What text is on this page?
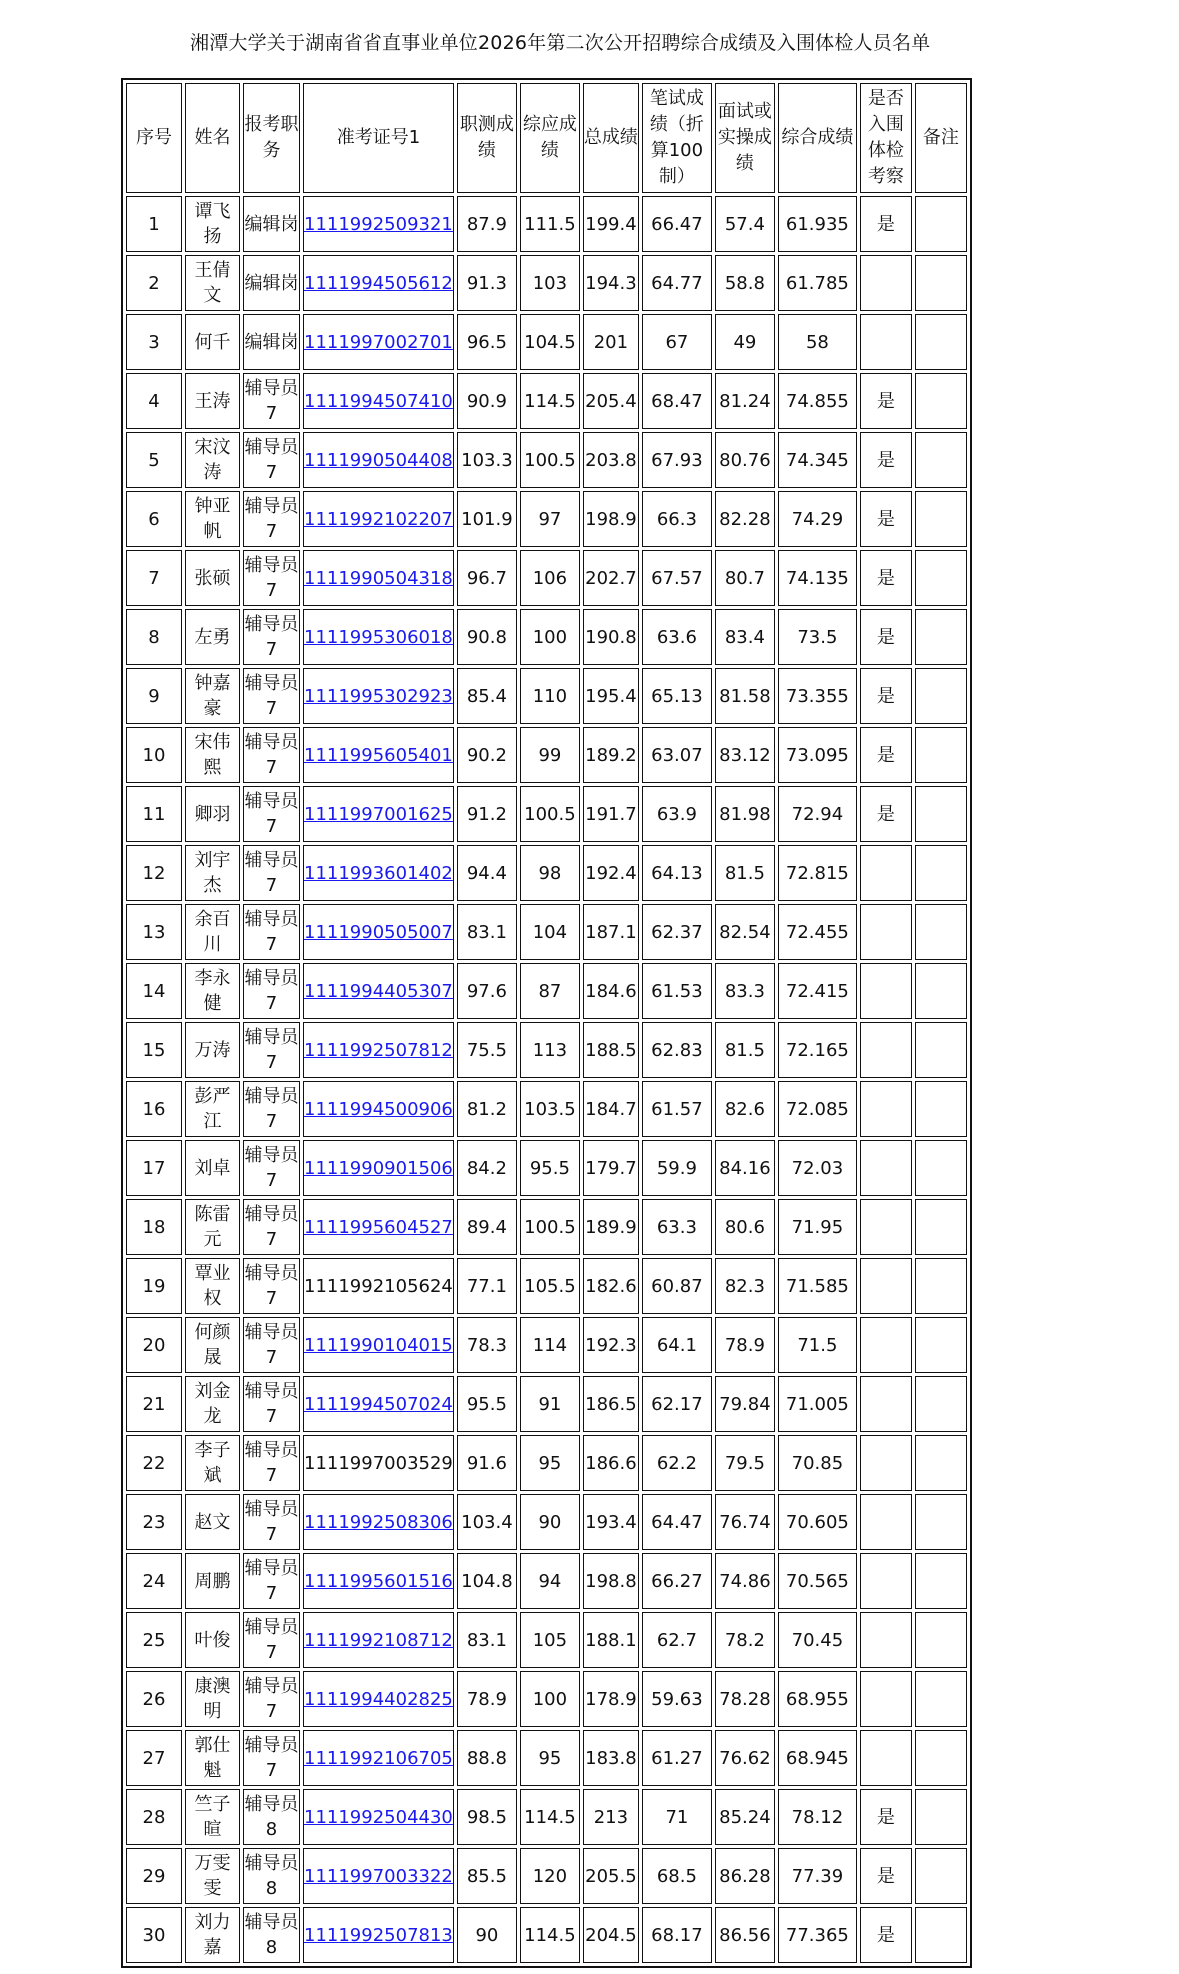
湘潭大学关于湖南省省直事业单位2026年第二次公开招聘综合成绩及入围体检人员名单
序号	姓名	报考职务	准考证号1	职测成绩	综应成绩	总成绩	笔试成绩（折算100制）	面试或实操成绩	综合成绩	是否入围体检考察	备注
1	谭飞扬	编辑岗	1111992509321	87.9	111.5	199.4	66.47	57.4	61.935	是	
2	王倩文	编辑岗	1111994505612	91.3	103	194.3	64.77	58.8	61.785		
3	何千	编辑岗	1111997002701	96.5	104.5	201	67	49	58		
4	王涛	辅导员7	1111994507410	90.9	114.5	205.4	68.47	81.24	74.855	是	
5	宋汶涛	辅导员7	1111990504408	103.3	100.5	203.8	67.93	80.76	74.345	是	
6	钟亚帆	辅导员7	1111992102207	101.9	97	198.9	66.3	82.28	74.29	是	
7	张硕	辅导员7	1111990504318	96.7	106	202.7	67.57	80.7	74.135	是	
8	左勇	辅导员7	1111995306018	90.8	100	190.8	63.6	83.4	73.5	是	
9	钟嘉豪	辅导员7	1111995302923	85.4	110	195.4	65.13	81.58	73.355	是	
10	宋伟熙	辅导员7	1111995605401	90.2	99	189.2	63.07	83.12	73.095	是	
11	卿羽	辅导员7	1111997001625	91.2	100.5	191.7	63.9	81.98	72.94	是	
12	刘宇杰	辅导员7	1111993601402	94.4	98	192.4	64.13	81.5	72.815		
13	余百川	辅导员7	1111990505007	83.1	104	187.1	62.37	82.54	72.455		
14	李永健	辅导员7	1111994405307	97.6	87	184.6	61.53	83.3	72.415		
15	万涛	辅导员7	1111992507812	75.5	113	188.5	62.83	81.5	72.165		
16	彭严江	辅导员7	1111994500906	81.2	103.5	184.7	61.57	82.6	72.085		
17	刘卓	辅导员7	1111990901506	84.2	95.5	179.7	59.9	84.16	72.03		
18	陈雷元	辅导员7	1111995604527	89.4	100.5	189.9	63.3	80.6	71.95		
19	覃业权	辅导员7	1111992105624	77.1	105.5	182.6	60.87	82.3	71.585		
20	何颜晟	辅导员7	1111990104015	78.3	114	192.3	64.1	78.9	71.5		
21	刘金龙	辅导员7	1111994507024	95.5	91	186.5	62.17	79.84	71.005		
22	李子斌	辅导员7	1111997003529	91.6	95	186.6	62.2	79.5	70.85		
23	赵文	辅导员7	1111992508306	103.4	90	193.4	64.47	76.74	70.605		
24	周鹏	辅导员7	1111995601516	104.8	94	198.8	66.27	74.86	70.565		
25	叶俊	辅导员7	1111992108712	83.1	105	188.1	62.7	78.2	70.45		
26	康澳明	辅导员7	1111994402825	78.9	100	178.9	59.63	78.28	68.955		
27	郭仕魁	辅导员7	1111992106705	88.8	95	183.8	61.27	76.62	68.945		
28	竺子暄	辅导员8	1111992504430	98.5	114.5	213	71	85.24	78.12	是	
29	万雯雯	辅导员8	1111997003322	85.5	120	205.5	68.5	86.28	77.39	是	
30	刘力嘉	辅导员8	1111992507813	90	114.5	204.5	68.17	86.56	77.365	是	
